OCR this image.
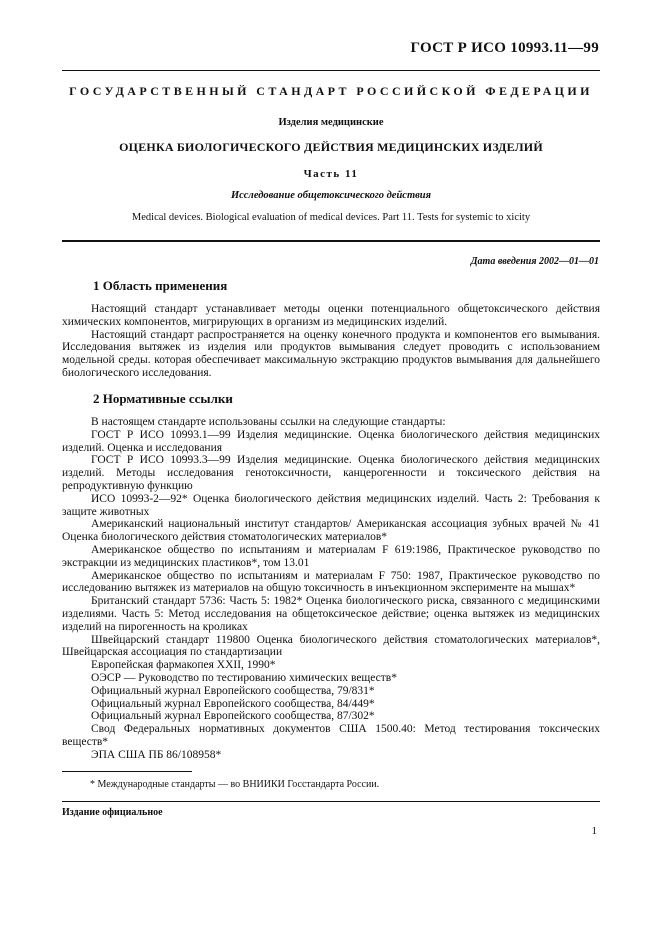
ГОСТ Р ИСО 10993.11—99
ГОСУДАРСТВЕННЫЙ СТАНДАРТ РОССИЙСКОЙ ФЕДЕРАЦИИ
Изделия медицинские
ОЦЕНКА БИОЛОГИЧЕСКОГО ДЕЙСТВИЯ МЕДИЦИНСКИХ ИЗДЕЛИЙ
Часть 11
Исследование общетоксического действия
Medical devices. Biological evaluation of medical devices. Part 11. Tests for systemic to xicity
Дата введения 2002—01—01
1 Область применения

Настоящий стандарт устанавливает методы оценки потенциального общетоксического действия химических компонентов, мигрирующих в организм из медицинских изделий.

Настоящий стандарт распространяется на оценку конечного продукта и компонентов его вымывания. Исследования вытяжек из изделия или продуктов вымывания следует проводить с использованием модельной среды. которая обеспечивает максимальную экстракцию продуктов вымывания для дальнейшего биологического исследования.

2 Нормативные ссылки

В настоящем стандарте использованы ссылки на следующие стандарты:

ГОСТ Р ИСО 10993.1—99 Изделия медицинские. Оценка биологического действия медицинских изделий. Оценка и исследования

ГОСТ Р ИСО 10993.3—99 Изделия медицинские. Оценка биологического действия медицинских изделий. Методы исследования генотоксичности, канцерогенности и токсического действия на репродуктивную функцию

ИСО 10993-2—92* Оценка биологического действия медицинских изделий. Часть 2: Требования к защите животных

Американский национальный институт стандартов/ Американская ассоциация зубных врачей № 41 Оценка биологического действия стоматологических материалов*

Американское общество по испытаниям и материалам F 619:1986, Практическое руководство по экстракции из медицинских пластиков*, том 13.01

Американское общество по испытаниям и материалам F 750: 1987, Практическое руководство по исследованию вытяжек из материалов на общую токсичность в инъекционном эксперименте на мышах*

Британский стандарт 5736: Часть 5: 1982* Оценка биологического риска, связанного с медицинскими изделиями. Часть 5: Метод исследования на общетоксическое действие; оценка вытяжек из медицинских изделий на пирогенность на кроликах

Швейцарский стандарт 119800 Оценка биологического действия стоматологических материалов*, Швейцарская ассоциация по стандартизации

Европейская фармакопея XXII, 1990*

ОЭСР — Руководство по тестированию химических веществ*

Официальный журнал Европейского сообщества, 79/831*

Официальный журнал Европейского сообщества, 84/449*

Официальный журнал Европейского сообщества, 87/302*

Свод Федеральных нормативных документов США 1500.40: Метод тестирования токсических веществ*

ЭПА США ПБ 86/108958*

* Международные стандарты — во ВНИИКИ Госстандарта России.
Издание официальное
1
